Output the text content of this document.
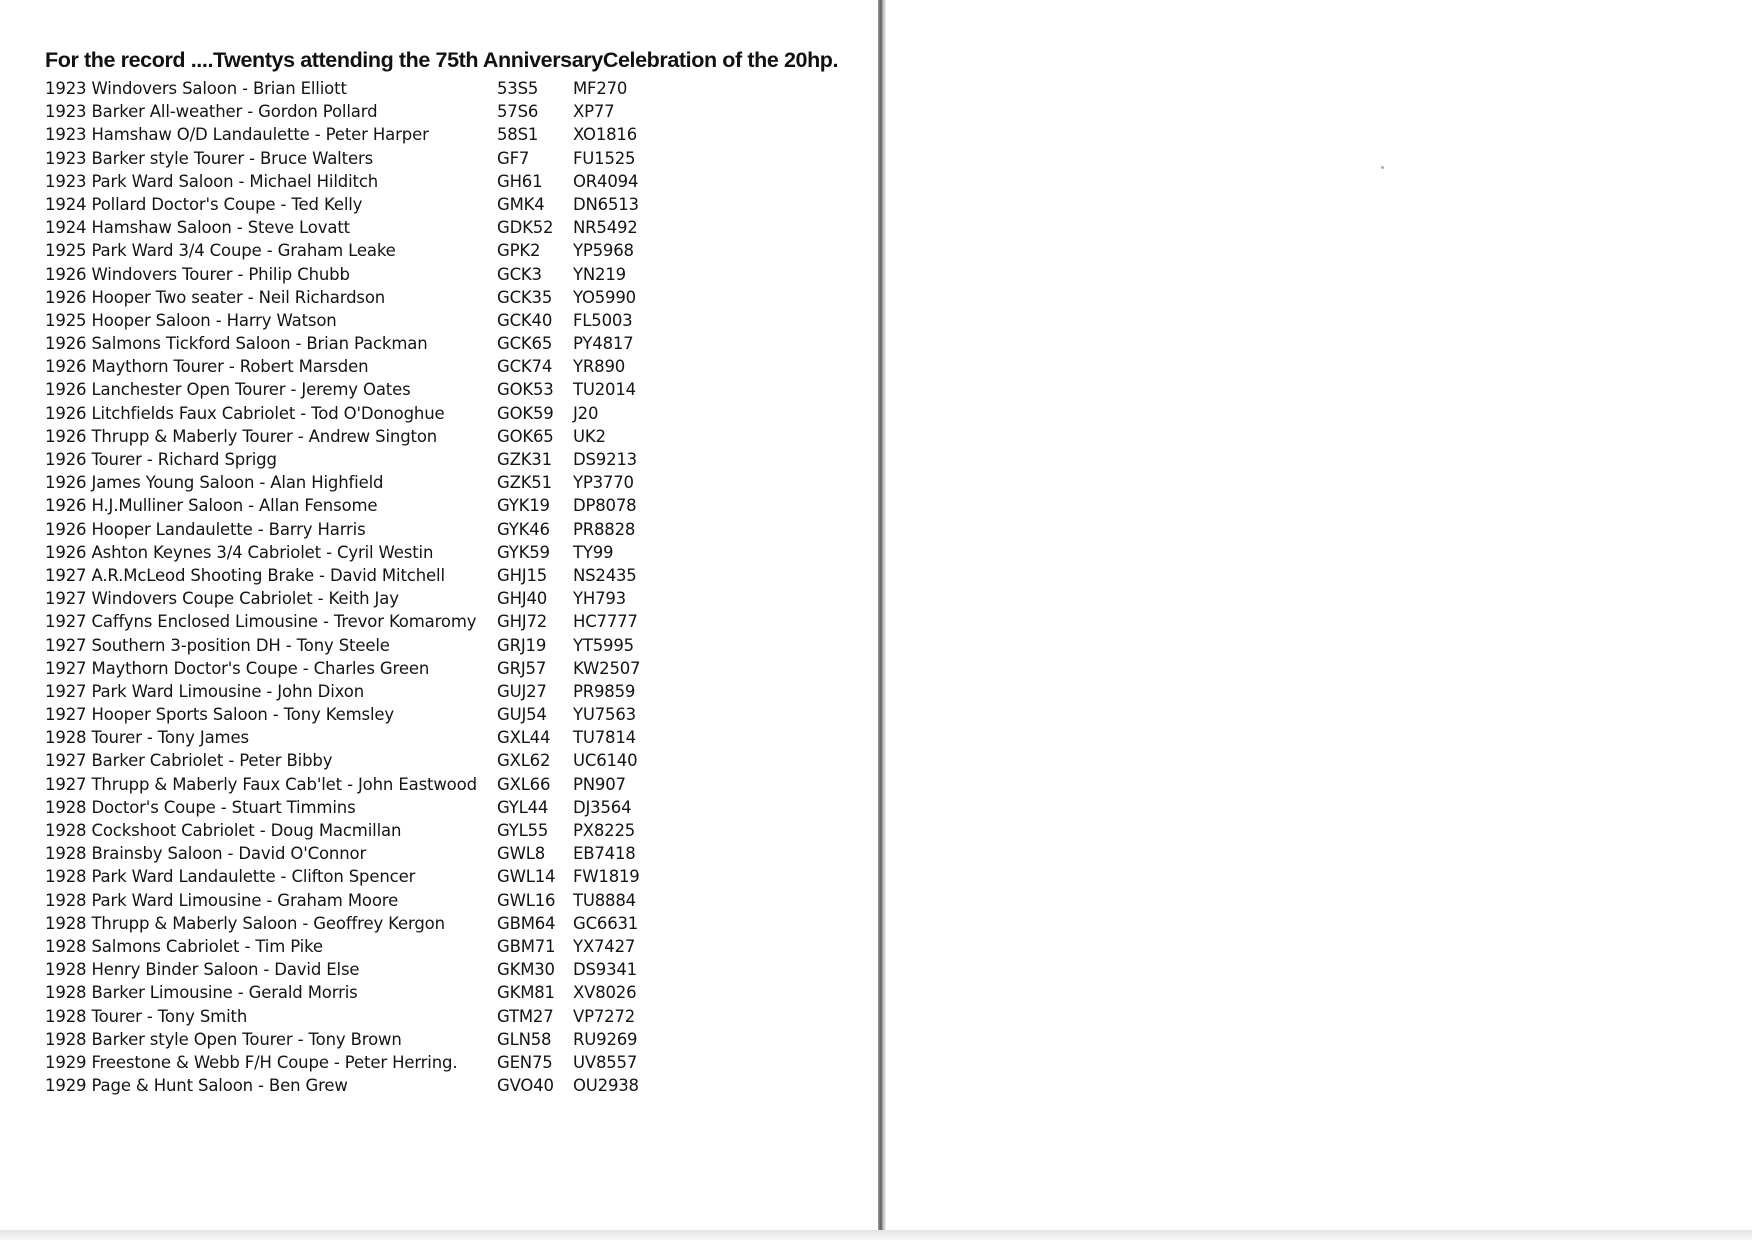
For the record ....Twentys attending the 75th AnniversaryCelebration of the 20hp.
1923 Windovers Saloon - Brian Elliott	53S5 MF270
1923 Barker All-weather - Gordon Pollard	57S6 XP77
1923 Hamshaw O/D Landaulette - Peter Harper	58S1 XO1816
1923 Barker style Tourer - Bruce Walters	GF7	FU1525
1923 Park Ward Saloon - Michael Hilditch	GH61 OR4094
1924 Pollard Doctor's Coupe - Ted Kelly	GMK4 DN6513
1924 Hamshaw Saloon - Steve Lovatt	GDK52 NR5492
1925 Park Ward 3/4 Coupe - Graham Leake	GPK2 YP5968
1926 Windovers Tourer - Philip Chubb	GCK3 YN219
1926 Hooper Two seater - Neil Richardson	GCK35 YO5990
1925 Hooper Saloon - Harry Watson	GCK40 FL5003
1926 Salmons Tickford Saloon - Brian Packman	GCK65 PY4817
1926 Maythorn Tourer - Robert Marsden	GCK74 YR890
1926 Lanchester Open Tourer - Jeremy Oates	GOK53 TU2014
1926 Litchfields Faux Cabriolet - Tod O'Donoghue	GOK59 J20
1926 Thrupp & Maberly Tourer - Andrew Sington	GOK65 UK2
1926 Tourer - Richard Sprigg	GZK31 DS9213
1926 James Young Saloon - Alan Highfield	GZK51 YP3770
1926 H.J.Mulliner Saloon - Allan Fensome	GYK19 DP8078
1926 Hooper Landaulette - Barry Harris	GYK46 PR8828
1926 Ashton Keynes 3/4 Cabriolet - Cyril Westin	GYK59 TY99
1927 A.R.McLeod Shooting Brake - David Mitchell	GHJ15 NS2435
1927 Windovers Coupe Cabriolet - Keith Jay	GHJ40 YH793
1927 Caffyns Enclosed Limousine - Trevor Komaromy GHJ72 HC7777
1927 Southern 3-position DH - Tony Steele	GRJ19 YT5995
1927 Maythorn Doctor's Coupe - Charles Green	GRJ57 KW2507
1927 Park Ward Limousine - John Dixon	GUJ27 PR9859
1927 Hooper Sports Saloon - Tony Kemsley	GUJ54 YU7563
1928 Tourer - Tony James	GXL44 TU7814
1927 Barker Cabriolet - Peter Bibby	GXL62 UC6140
1927 Thrupp & Maberly Faux Cab'let - John Eastwood GXL66 PN907
1928 Doctor's Coupe - Stuart Timmins	GYL44 DJ3564
1928 Cockshoot Cabriolet - Doug Macmillan	GYL55 PX8225
1928 Brainsby Saloon - David O'Connor	GWL8 EB7418
1928 Park Ward Landaulette - Clifton Spencer	GWL14 FW1819
1928 Park Ward Limousine - Graham Moore	GWL16 TU8884
1928 Thrupp & Maberly Saloon - Geoffrey Kergon	GBM64 GC6631
1928 Salmons Cabriolet - Tim Pike	GBM71 YX7427
1928 Henry Binder Saloon - David Else	GKM30 DS9341
1928 Barker Limousine - Gerald Morris	GKM81 XV8026
1928 Tourer - Tony Smith	GTM27 VP7272
1928 Barker style Open Tourer - Tony Brown	GLN58 RU9269
1929 Freestone & Webb F/H Coupe - Peter Herring. GEN75 UV8557
1929 Page & Hunt Saloon - Ben Grew	GVO40 OU2938
